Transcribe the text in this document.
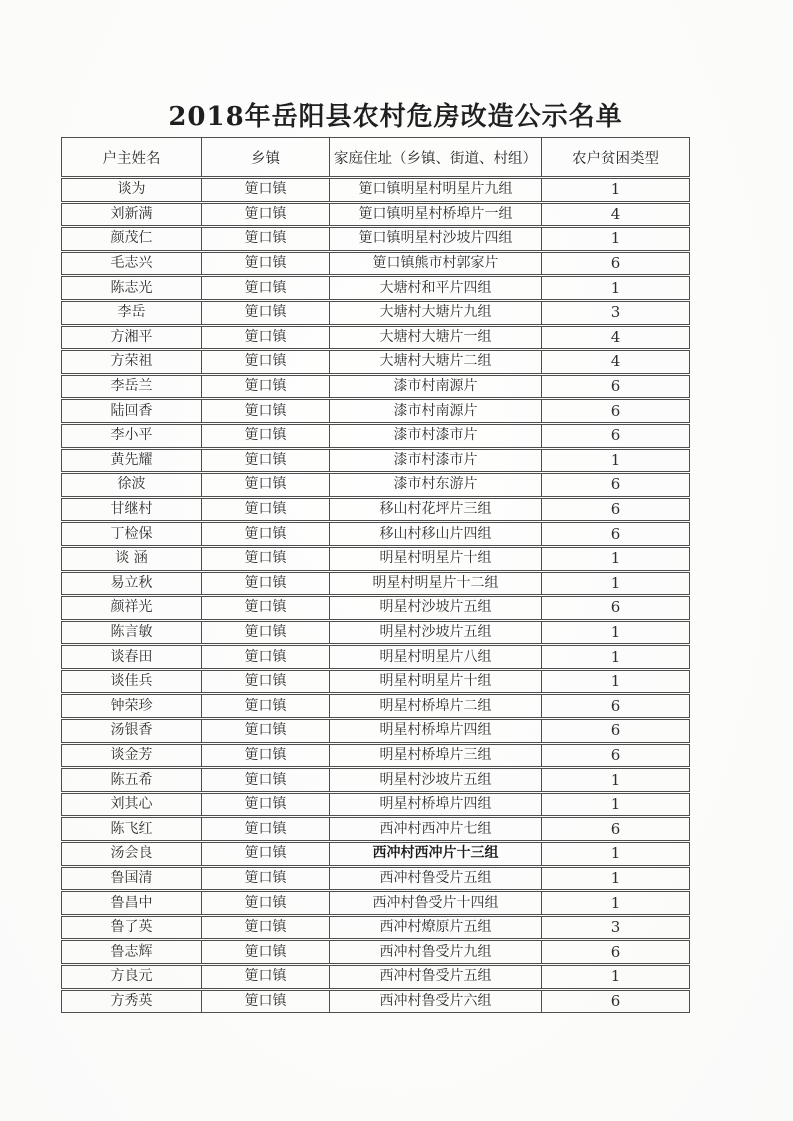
2018年岳阳县农村危房改造公示名单
户主姓名	乡镇	家庭住址（乡镇、街道、村组）	农户贫困类型
谈为	筻口镇	筻口镇明星村明星片九组	1
刘新满	筻口镇	筻口镇明星村桥埠片一组	4
颜茂仁	筻口镇	筻口镇明星村沙坡片四组	1
毛志兴	筻口镇	筻口镇熊市村郭家片	6
陈志光	筻口镇	大塘村和平片四组	1
李岳	筻口镇	大塘村大塘片九组	3
方湘平	筻口镇	大塘村大塘片一组	4
方荣祖	筻口镇	大塘村大塘片二组	4
李岳兰	筻口镇	漆市村南源片	6
陆回香	筻口镇	漆市村南源片	6
李小平	筻口镇	漆市村漆市片	6
黄先耀	筻口镇	漆市村漆市片	1
徐波	筻口镇	漆市村东游片	6
甘继村	筻口镇	移山村花坪片三组	6
丁检保	筻口镇	移山村移山片四组	6
谈 涵	筻口镇	明星村明星片十组	1
易立秋	筻口镇	明星村明星片十二组	1
颜祥光	筻口镇	明星村沙坡片五组	6
陈言敏	筻口镇	明星村沙坡片五组	1
谈春田	筻口镇	明星村明星片八组	1
谈佳兵	筻口镇	明星村明星片十组	1
钟荣珍	筻口镇	明星村桥埠片二组	6
汤银香	筻口镇	明星村桥埠片四组	6
谈金芳	筻口镇	明星村桥埠片三组	6
陈五希	筻口镇	明星村沙坡片五组	1
刘其心	筻口镇	明星村桥埠片四组	1
陈飞红	筻口镇	西冲村西冲片七组	6
汤会良	筻口镇	西冲村西冲片十三组	1
鲁国清	筻口镇	西冲村鲁受片五组	1
鲁昌中	筻口镇	西冲村鲁受片十四组	1
鲁了英	筻口镇	西冲村燎原片五组	3
鲁志辉	筻口镇	西冲村鲁受片九组	6
方良元	筻口镇	西冲村鲁受片五组	1
方秀英	筻口镇	西冲村鲁受片六组	6
